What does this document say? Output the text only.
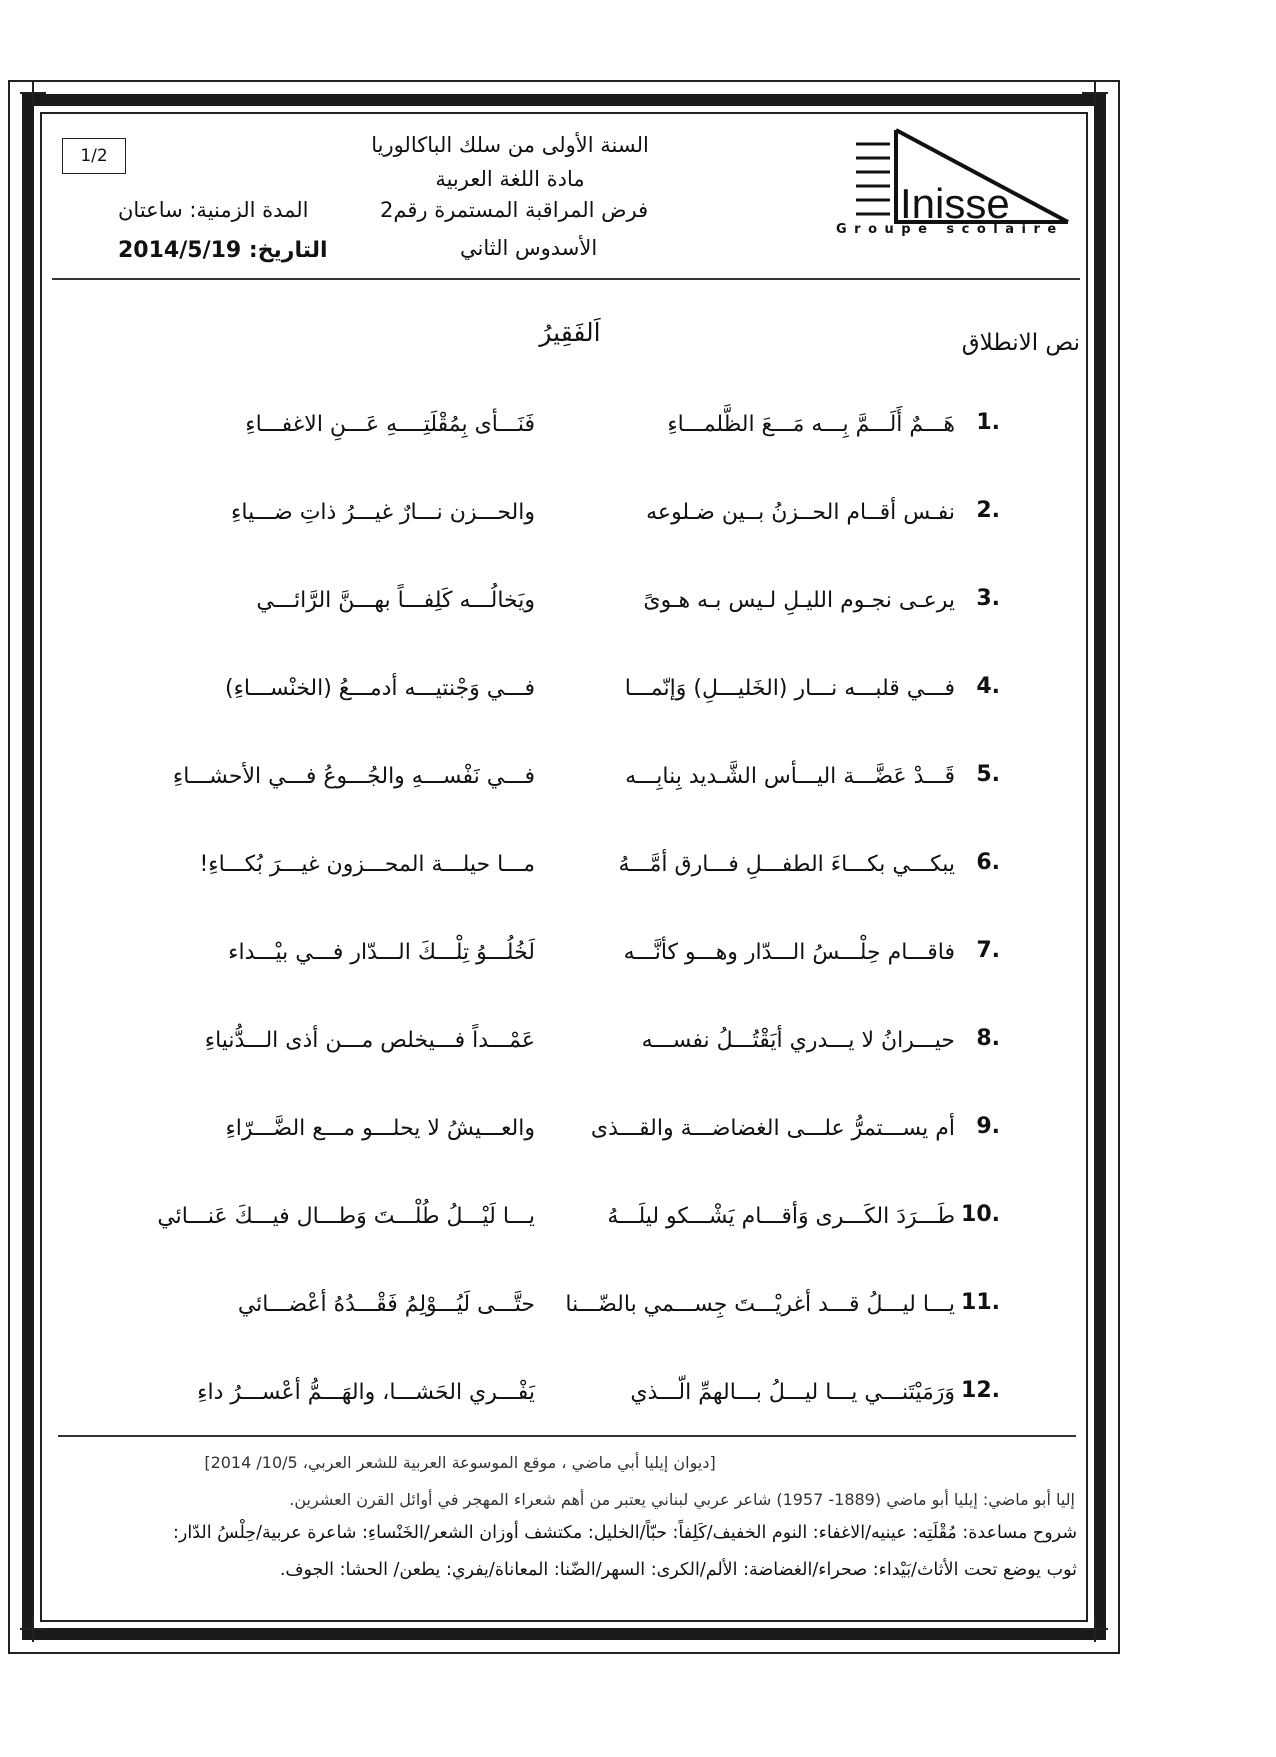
1/2	السنة الأولى من سلك الباكالوريا
مادة اللغة العربية
فرض المراقبة المستمرة رقم2
الأسدوس الثاني
المدة الزمنية: ساعتان
التاريخ: 2014/5/19
Inisse
Groupe scolaire
اَلفَقِيرُ	نص الانطلاق
1.
هَـــمٌ أَلَـــمَّ بِـــه مَـــعَ الظَّلمـــاءِ
فَنَـــأى بِمُقْلَتِــــهِ عَـــنِ الاغفـــاءِ
2.
نفـس أقــام الحــزنُ بــين ضـلوعه
والحـــزن نـــارٌ غيـــرُ ذاتِ ضـــياءِ
3.
يرعـى نجـوم الليـلِ لـيس بـه هـوىً
ويَخالُـــه كَلِفـــاً بهـــنَّ الرَّائـــي
4.
فـــي قلبـــه نـــار (الخَليـــلِ) وَإنّمـــا
فـــي وَجْنتيـــه أدمـــعُ (الخنْســـاءِ)
5.
قَـــدْ عَضَّـــة اليـــأس الشَّـديد بِنابِـــه
فـــي نَفْســـهِ والجُـــوعُ فـــي الأحشـــاءِ
6.
يبكـــي بكـــاءَ الطفـــلِ فـــارق أمَّـــهُ
مـــا حيلـــة المحـــزون غيـــرَ بُكـــاءِ!
7.
فاقـــام حِلْـــسُ الـــدّار وهـــو كأنَّـــه
لَخُلُـــوُ تِلْـــكَ الـــدّار فـــي بيْـــداء
8.
حيـــرانُ لا يـــدري أيَقْتُـــلُ نفســـه
عَمْـــداً فـــيخلص مـــن أذى الـــدُّنياءِ
9.
أم يســـتمرُّ علـــى الغضاضـــة والقـــذى
والعـــيشُ لا يحلـــو مـــع الضَّـــرّاءِ
10.
طَـــرَدَ الكَـــرى وَأقـــام يَشْـــكو ليلَـــهُ
يـــا لَيْـــلُ طُلْـــتَ وَطـــال فيـــكَ عَنـــائي
11.
يـــا ليـــلُ قـــد أغريْـــتَ جِســـمي بالضّـــنا
حتَّـــى لَيُـــوْلِمُ فَقْـــدُهُ أعْضـــائي
12.
وَرَمَيْتَنـــي يـــا ليـــلُ بـــالهمِّ الّـــذي
يَفْـــري الحَشـــا، والهَـــمُّ أعْســـرُ داءِ
[ديوان إيليا أبي ماضي ، موقع الموسوعة العربية للشعر العربي، 10/5/ 2014]
إليا أبو ماضي: إيليا أبو ماضي (1889- 1957) شاعر عربي لبناني يعتبر من أهم شعراء المهجر في أوائل القرن العشرين.
شروح مساعدة: مُقْلَتِه: عينيه/الاغفاء: النوم الخفيف/كَلِفاً: حبّاً/الخليل: مكتشف أوزان الشعر/الخَنْساءِ: شاعرة عربية/حِلْسُ الدّار:
ثوب يوضع تحت الأثاث/بَيْداء: صحراء/الغضاضة: الألم/الكرى: السهر/الضّنا: المعاناة/يفري: يطعن/ الحشا: الجوف.
